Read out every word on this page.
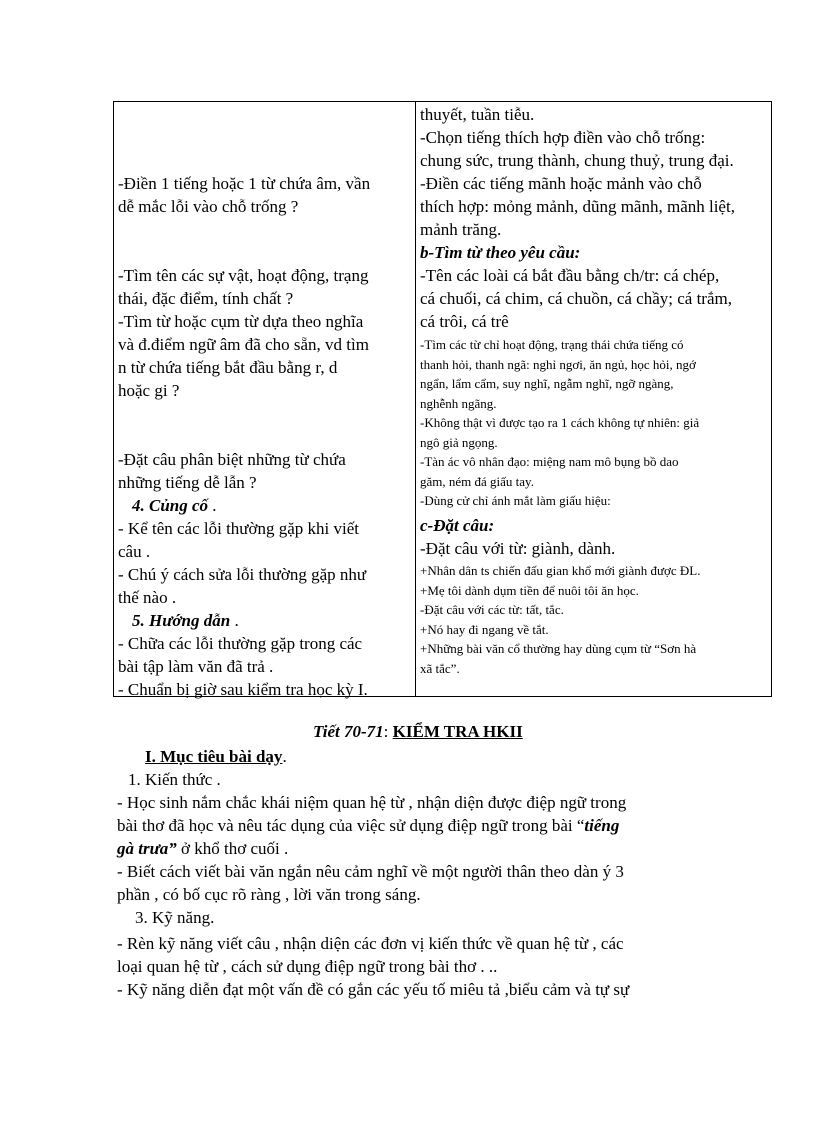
-Điền 1 tiếng hoặc 1 từ chứa âm, vần
dễ mắc lỗi vào chỗ trống ?
-Tìm tên các sự vật, hoạt động, trạng
thái, đặc điểm, tính chất ?
-Tìm từ hoặc cụm từ dựa theo nghĩa
và đ.điểm ngữ âm đã cho sẵn, vd tìm
n từ chứa tiếng bắt đầu bằng r, d
hoặc gi ?
-Đặt câu phân biệt những từ chứa
những tiếng dễ lẫn ?
4. Củng cố .
- Kể tên các lỗi thường gặp khi viết
câu .
- Chú ý cách sửa lỗi thường gặp như
thế nào .
5. Hướng dẫn .
- Chữa các lỗi thường gặp trong các
bài tập làm văn đã trả .
- Chuẩn bị giờ sau kiểm tra học kỳ I.

thuyết, tuần tiễu.
-Chọn tiếng thích hợp điền vào chỗ trống:
chung sức, trung thành, chung thuỷ, trung đại.
-Điền các tiếng mãnh hoặc mảnh vào chỗ
thích hợp: mỏng mảnh, dũng mãnh, mãnh liệt,
mảnh trăng.
b-Tìm từ theo yêu cầu:
-Tên các loài cá bắt đầu bằng ch/tr: cá chép,
cá chuối, cá chim, cá chuồn, cá chầy; cá trắm,
cá trôi, cá trê
-Tìm các từ chỉ hoạt động, trạng thái chứa tiếng có
thanh hỏi, thanh ngã: nghỉ ngơi, ăn ngủ, học hỏi, ngớ
ngẩn, lẩm cẩm, suy nghĩ, ngẫm nghĩ, ngỡ ngàng,
nghễnh ngãng.
-Không thật vì được tạo ra 1 cách không tự nhiên: giả
ngô giả ngọng.
-Tàn ác vô nhân đạo: miệng nam mô bụng bồ dao
găm, ném đá giấu tay.
-Dùng cử chỉ ánh mắt làm giấu hiệu:
c-Đặt câu:
-Đặt câu với từ: giành, dành.
+Nhân dân ts chiến đấu gian khổ mới giành được ĐL.
+Mẹ tôi dành dụm tiền để nuôi tôi ăn học.
-Đặt câu với các từ: tất, tắc.
+Nó hay đi ngang về tắt.
+Những bài văn cổ thường hay dùng cụm từ “Sơn hà
xã tắc”.
Tiết 70-71: KIỂM TRA HKII
I. Mục tiêu bài dạy.
1. Kiến thức .
- Học sinh nắm chắc khái niệm quan hệ từ , nhận diện được điệp ngữ trong
bài thơ đã học và nêu tác dụng của việc sử dụng điệp ngữ trong bài “tiếng
gà trưa” ở khổ thơ cuối .
- Biết cách viết bài văn ngắn nêu cảm nghĩ về một người thân theo dàn ý 3
phần , có bố cục rõ ràng , lời văn trong sáng.
3. Kỹ năng.
- Rèn kỹ năng viết câu , nhận diện các đơn vị kiến thức về quan hệ từ , các
loại quan hệ từ , cách sử dụng điệp ngữ trong bài thơ . ..
- Kỹ năng diễn đạt một vấn đề có gắn các yếu tố miêu tả ,biểu cảm và tự sự
